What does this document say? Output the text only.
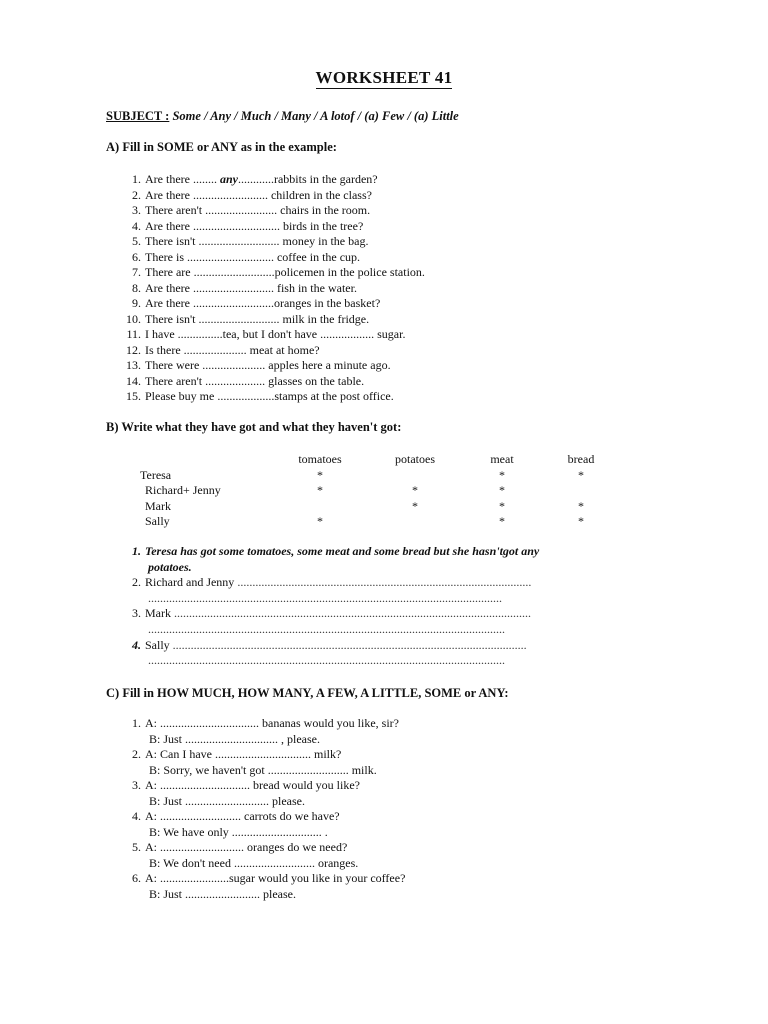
WORKSHEET 41
SUBJECT : Some / Any / Much / Many / A lotof / (a) Few / (a) Little
A) Fill in SOME or ANY as in the example:
1. Are there ........
any ............rabbits in the garden?
2. Are there ......................... children in the class?
3. There aren't ........................ chairs in the room.
4. Are there ............................. birds in the tree?
5. There isn't ........................... money in the bag.
6. There is ............................. coffee in the cup.
7. There are ...........................policemen in the police station.
8. Are there ........................... fish in the water.
9. Are there ...........................oranges in the basket?
10. There isn't ........................... milk in the fridge.
11. I have ...............tea, but I don't have .................. sugar.
12. Is there ..................... meat at home?
13. There were ..................... apples here a minute ago.
14. There aren't .................... glasses on the table.
15. Please buy me ...................stamps at the post office.
B) Write what they have got and what they haven't got:
	tomatoes	potatoes	meat	bread
Teresa	*		*	*
Richard+ Jenny	*	*	*	
Mark		*	*	*
Sally	*		*	*
1. Teresa has got some tomatoes, some meat and some bread but she hasn'tgot any
potatoes.
2. Richard and Jenny ..................................................................................................
......................................................................................................................
3. Mark .......................................................................................................................
.......................................................................................................................
4. Sally ......................................................................................................................
.......................................................................................................................
C) Fill in HOW MUCH, HOW MANY, A FEW, A LITTLE, SOME or ANY:
1. A: ................................. bananas would you like, sir?
B: Just ............................... , please.
2. A: Can I have ................................ milk?
B: Sorry, we haven't got ........................... milk.
3. A: .............................. bread would you like?
B: Just ............................ please.
4. A: ........................... carrots do we have?
B: We have only .............................. .
5. A: ............................ oranges do we need?
B: We don't need ........................... oranges.
6. A: .......................sugar would you like in your coffee?
B: Just ......................... please.
